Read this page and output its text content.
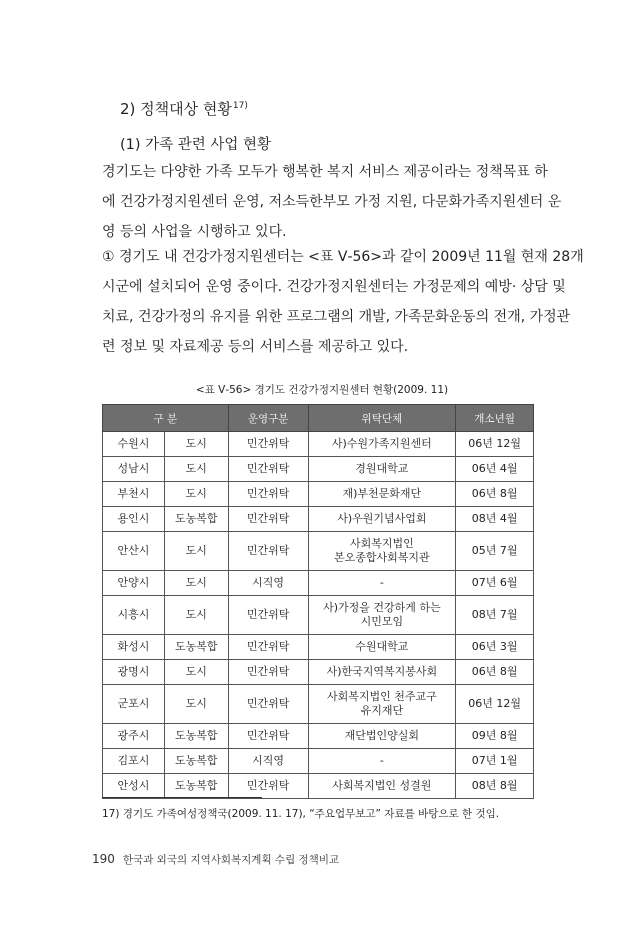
2) 정책대상 현황$^{17)}$
(1) 가족 관련 사업 현황
경기도는 다양한 가족 모두가 행복한 복지 서비스 제공이라는 정책목표 하
에 건강가정지원센터 운영, 저소득한부모 가정 지원, 다문화가족지원센터 운
영 등의 사업을 시행하고 있다.
① 경기도 내 건강가정지원센터는 <표 Ⅴ-56>과 같이 2009년 11월 현재 28개
시군에 설치되어 운영 중이다. 건강가정지원센터는 가정문제의 예방· 상담 및
치료, 건강가정의 유지를 위한 프로그램의 개발, 가족문화운동의 전개, 가정관
련 정보 및 자료제공 등의 서비스를 제공하고 있다.
<표 Ⅴ-56> 경기도 건강가정지원센터 현황(2009. 11)
구 분		운영구분	위탁단체	개소년월
수원시	도시	민간위탁	사)수원가족지원센터	06년 12월
성남시	도시	민간위탁	경원대학교	06년 4월
부천시	도시	민간위탁	재)부천문화재단	06년 8월
용인시	도농복합	민간위탁	사)우원기념사업회	08년 4월
안산시	도시	민간위탁	사회복지법인
본오종합사회복지관	05년 7월
안양시	도시	시직영	-	07년 6월
시흥시	도시	민간위탁	사)가정을 건강하게 하는
시민모임	08년 7월
화성시	도농복합	민간위탁	수원대학교	06년 3월
광명시	도시	민간위탁	사)한국지역복지봉사회	06년 8월
군포시	도시	민간위탁	사회복지법인 천주교구
유지재단	06년 12월
광주시	도농복합	민간위탁	재단법인양실회	09년 8월
김포시	도농복합	시직영	-	07년 1월
안성시	도농복합	민간위탁	사회복지법인 성결원	08년 8월
17) 경기도 가족여성정책국(2009. 11. 17), “주요업무보고” 자료를 바탕으로 한 것임.
190 한국과 외국의 지역사회복지계획 수립 정책비교
